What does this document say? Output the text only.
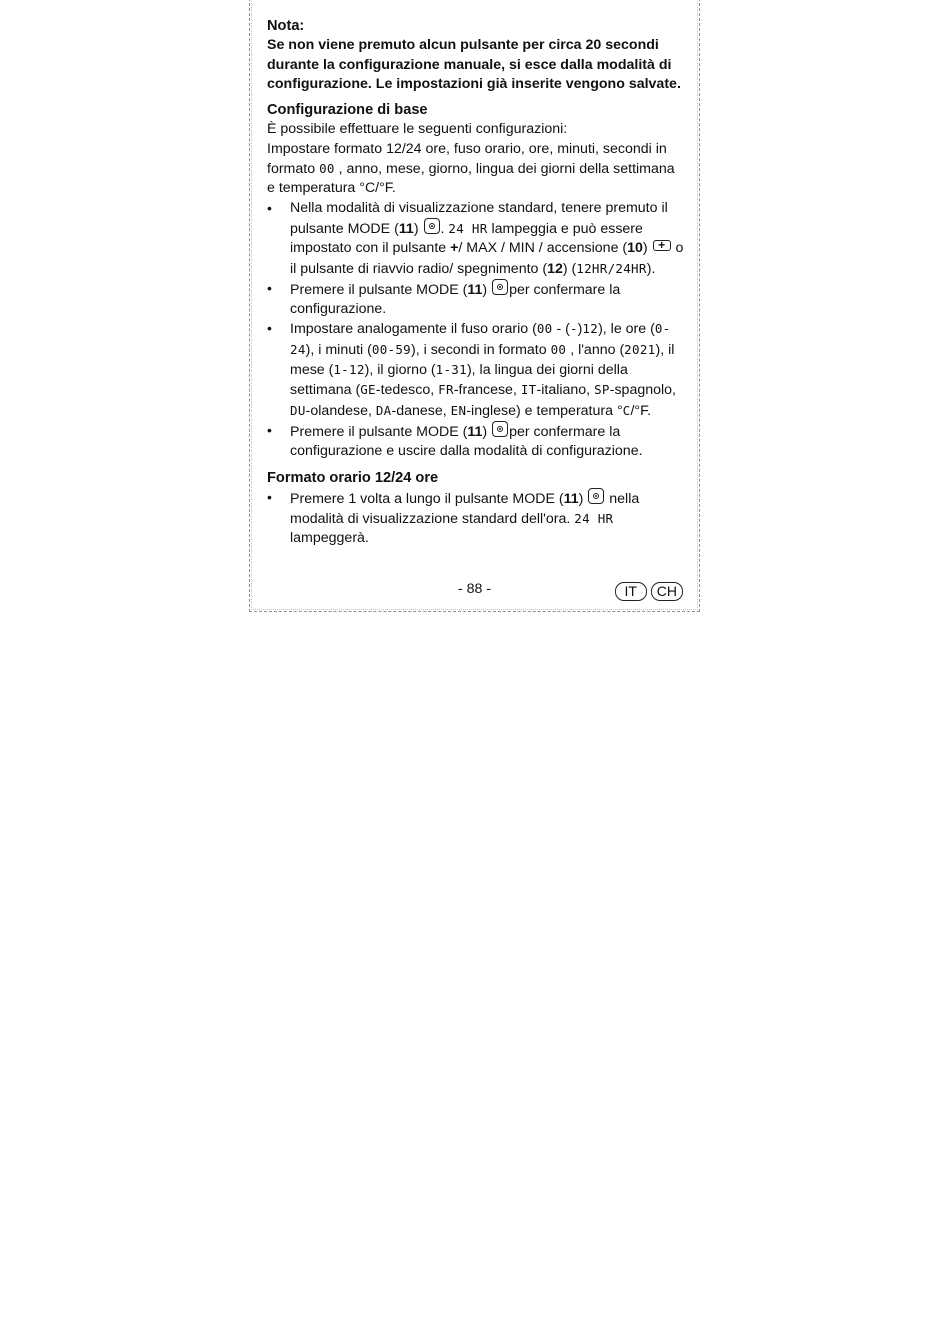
Nota:

Se non viene premuto alcun pulsante per circa 20 secondi durante la configurazione manuale, si esce dalla modalità di configurazione. Le impostazioni già inserite vengono salvate.

Configurazione di base

È possibile effettuare le seguenti configurazioni:

Impostare formato 12/24 ore, fuso orario, ore, minuti, secondi in formato 00 , anno, mese, giorno, lingua dei giorni della settimana e temperatura °C/°F.

• Nella modalità di visualizzazione standard, tenere premuto il pulsante MODE (11) . 24 HR lampeggia e può essere impostato con il pulsante +/ MAX / MIN / accensione (10) + o il pulsante di riavvio radio/ spegnimento (12) (12HR/24HR).
• Premere il pulsante MODE (11) per confermare la configurazione.
• Impostare analogamente il fuso orario (00 - (-)12), le ore (0-24), i minuti (00-59), i secondi in formato 00 , l'anno (2021), il mese (1-12), il giorno (1-31), la lingua dei giorni della settimana (GE-tedesco, FR-francese, IT-italiano, SP-spagnolo, DU-olandese, DA-danese, EN-inglese) e temperatura °C/°F.
• Premere il pulsante MODE (11) per confermare la configurazione e uscire dalla modalità di configurazione.

Formato orario 12/24 ore

• Premere 1 volta a lungo il pulsante MODE (11)  nella modalità di visualizzazione standard dell'ora. 24 HR lampeggerà.
- 88 -	IT	CH
